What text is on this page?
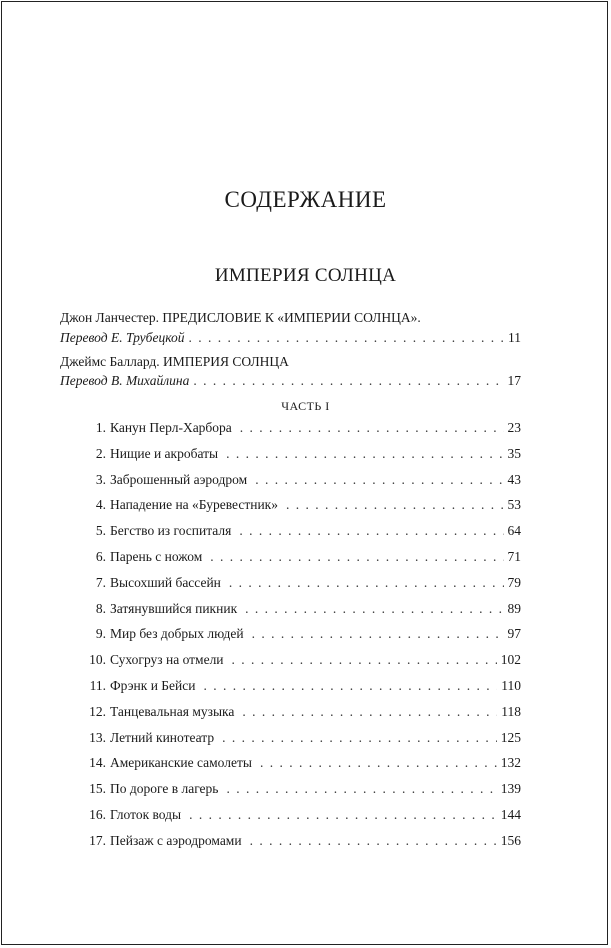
СОДЕРЖАНИЕ
ИМПЕРИЯ СОЛНЦА
Джон Ланчестер. ПРЕДИСЛОВИЕ К «ИМПЕРИИ СОЛНЦА».
Перевод Е. Трубецкой . . .	11
Джеймс Баллард. ИМПЕРИЯ СОЛНЦА
Перевод В. Михайлина . . .	17
ЧАСТЬ I
1. Канун Перл-Харбора . . .	23
2. Нищие и акробаты . . .	35
3. Заброшенный аэродром . . .	43
4. Нападение на «Буревестник» . . .	53
5. Бегство из госпиталя . . .	64
6. Парень с ножом . . .	71
7. Высохший бассейн . . .	79
8. Затянувшийся пикник . . .	89
9. Мир без добрых людей . . .	97
10. Сухогруз на отмели . . .	102
11. Фрэнк и Бейси . . .	110
12. Танцевальная музыка . . .	118
13. Летний кинотеатр . . .	125
14. Американские самолеты . . .	132
15. По дороге в лагерь . . .	139
16. Глоток воды . . .	144
17. Пейзаж с аэродромами . . .	156
